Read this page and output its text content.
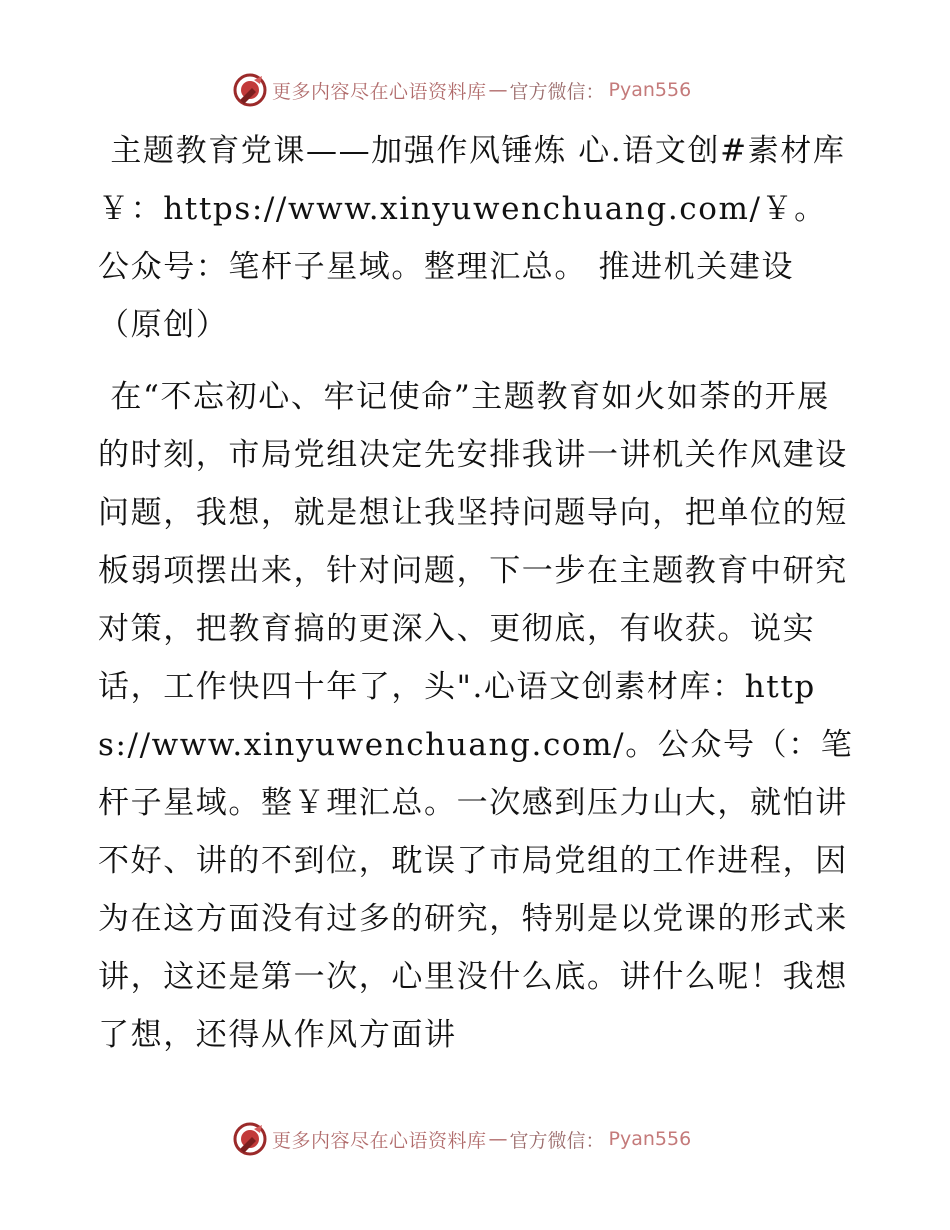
更多内容尽在心语资料库 — 官方微信： Pyan556

主题教育党课——加强作风锤炼 心.语文创#素材库￥：https://www.xinyuwenchuang.com/￥。公众号：笔杆子星域。整理汇总。 推进机关建设（原创）

在“不忘初心、牢记使命”主题教育如火如荼的开展的时刻，市局党组决定先安排我讲一讲机关作风建设问题，我想，就是想让我坚持问题导向，把单位的短板弱项摆出来，针对问题，下一步在主题教育中研究对策，把教育搞的更深入、更彻底，有收获。说实话，工作快四十年了，头".心语文创素材库：https://www.xinyuwenchuang.com/。公众号（：笔杆子星域。整￥理汇总。一次感到压力山大，就怕讲不好、讲的不到位，耽误了市局党组的工作进程，因为在这方面没有过多的研究，特别是以党课的形式来讲，这还是第一次，心里没什么底。讲什么呢！我想了想，还得从作风方面讲

更多内容尽在心语资料库 — 官方微信： Pyan556
